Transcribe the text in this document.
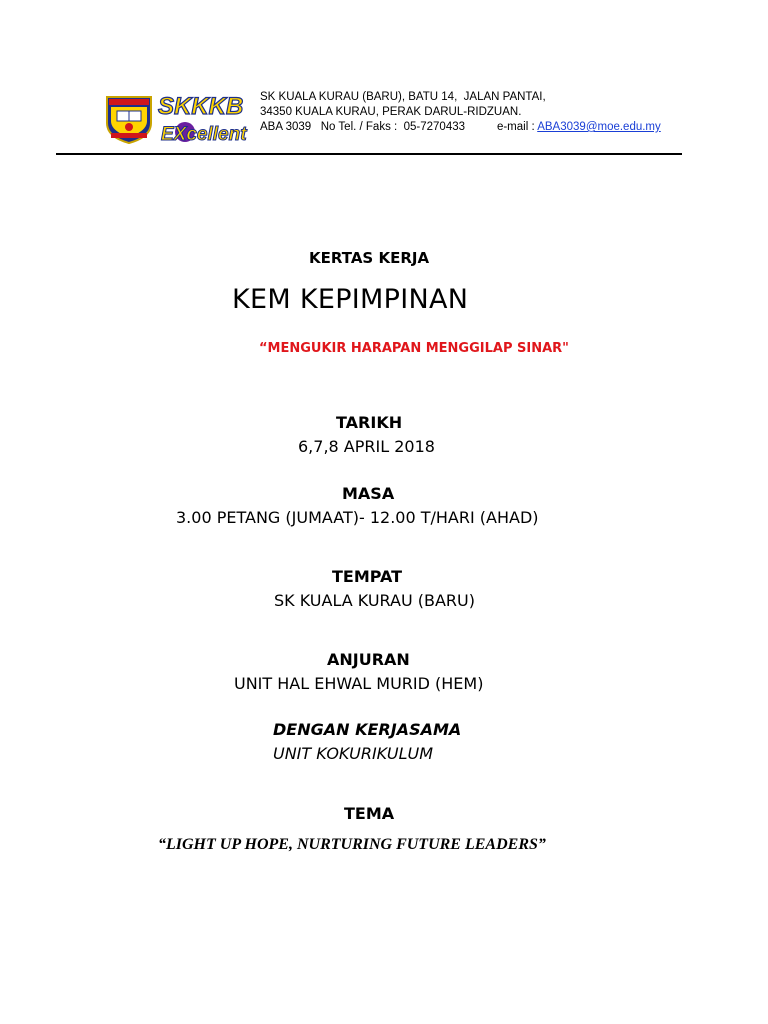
SKKKB
EXcellent
SK KUALA KURAU (BARU), BATU 14,  JALAN PANTAI,
34350 KUALA KURAU, PERAK DARUL-RIDZUAN.
ABA 3039   No Tel. / Faks :  05-7270433          e-mail : ABA3039@moe.edu.my
KERTAS KERJA
KEM KEPIMPINAN
“MENGUKIR HARAPAN MENGGILAP SINAR"
TARIKH
6,7,8 APRIL 2018
MASA
3.00 PETANG (JUMAAT)- 12.00 T/HARI (AHAD)
TEMPAT
SK KUALA KURAU (BARU)
ANJURAN
UNIT HAL EHWAL MURID (HEM)
DENGAN KERJASAMA
UNIT KOKURIKULUM
TEMA
“LIGHT UP HOPE, NURTURING FUTURE LEADERS”
